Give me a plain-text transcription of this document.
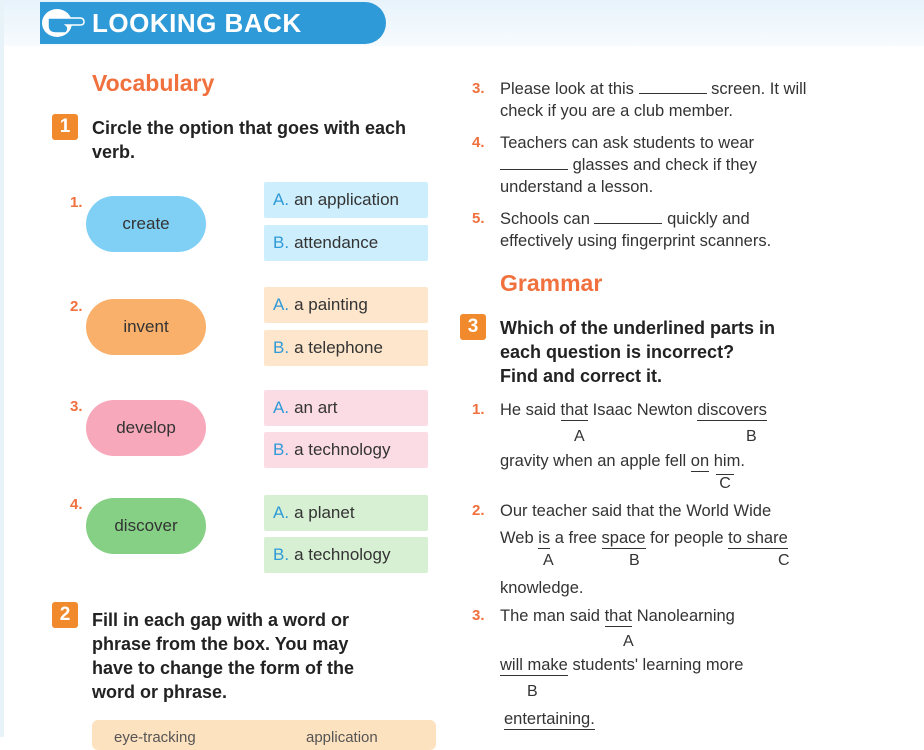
LOOKING BACK
Vocabulary
1	Circle the option that goes with each verb.
1.
create
A. an application
B. attendance
2.
invent
A. a painting
B. a telephone
3.
develop
A. an art
B. a technology
4.
discover
A. a planet
B. a technology
2	Fill in each gap with a word or
phrase from the box. You may
have to change the form of the
word or phrase.
eye-tracking	application
3. Please look at this	screen. It will
check if you are a club member.
4. Teachers can ask students to wear
glasses and check if they
understand a lesson.
5. Schools can	quickly and
effectively using fingerprint scanners.
Grammar
3	Which of the underlined parts in
each question is incorrect?
Find and correct it.
1. He said that Isaac Newton discovers
A	B
gravity when an apple fell on him.
C
2. Our teacher said that the World Wide
Web is a free space for people to share
A	B	C
knowledge.
3. The man said that Nanolearning
A
will make students' learning more
B
entertaining.
